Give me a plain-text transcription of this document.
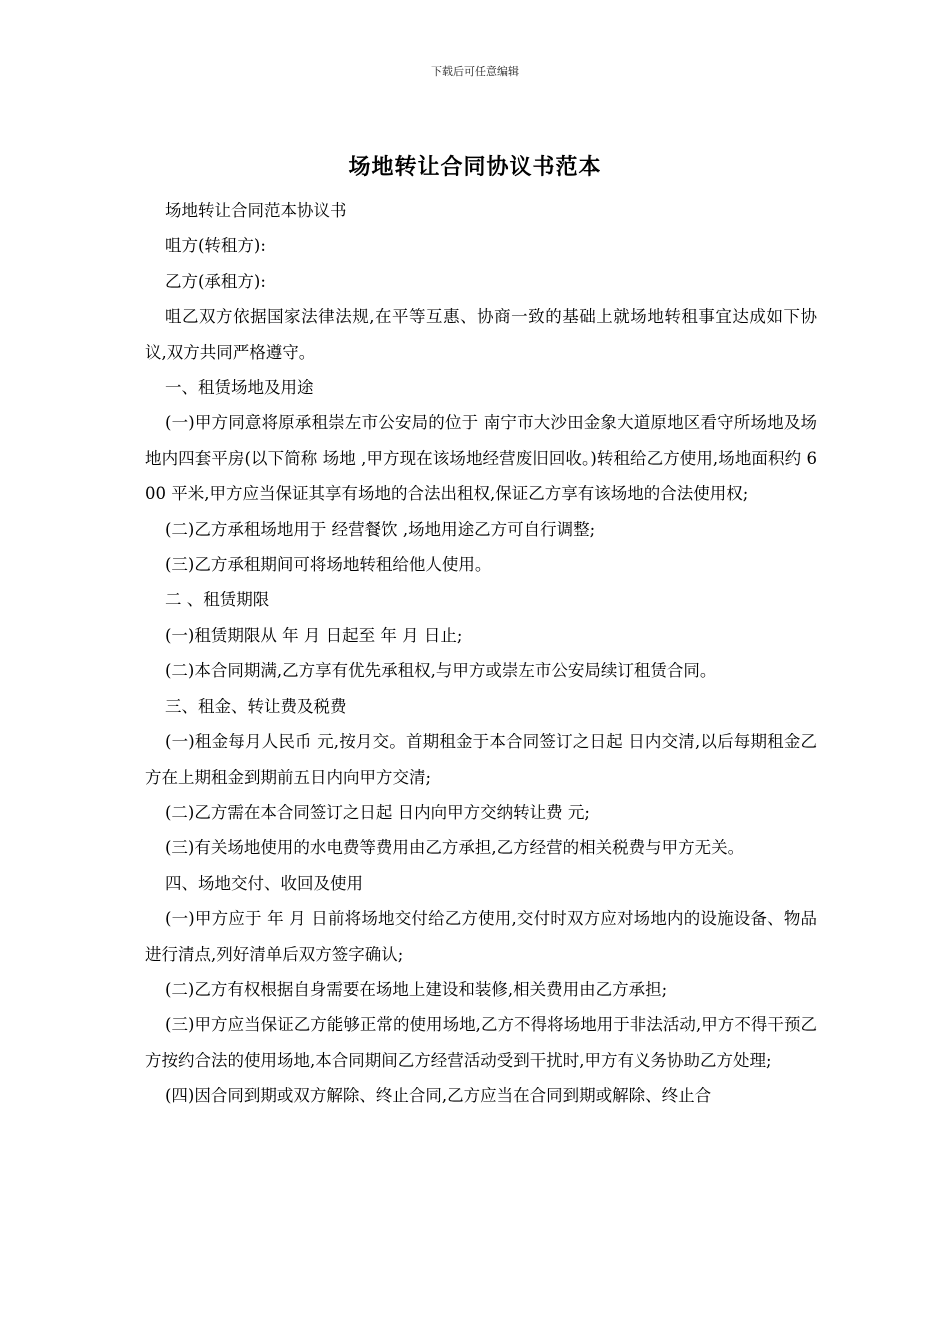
下载后可任意编辑
场地转让合同协议书范本

场地转让合同范本协议书

咀方(转租方):

乙方(承租方):

咀乙双方依据国家法律法规,在平等互惠、协商一致的基础上就场地转租事宜达成如下协议,双方共同严格遵守。

一、租赁场地及用途

(一)甲方同意将原承租崇左市公安局的位于 南宁市大沙田金象大道原地区看守所场地及场地内四套平房(以下简称 场地 ,甲方现在该场地经营废旧回收。)转租给乙方使用,场地面积约 600 平米,甲方应当保证其享有场地的合法出租权,保证乙方享有该场地的合法使用权;

(二)乙方承租场地用于 经营餐饮 ,场地用途乙方可自行调整;

(三)乙方承租期间可将场地转租给他人使用。

二 、租赁期限

(一)租赁期限从 年 月 日起至 年 月 日止;

(二)本合同期满,乙方享有优先承租权,与甲方或崇左市公安局续订租赁合同。

三、租金、转让费及税费

(一)租金每月人民币 元,按月交。首期租金于本合同签订之日起 日内交清,以后每期租金乙方在上期租金到期前五日内向甲方交清;

(二)乙方需在本合同签订之日起 日内向甲方交纳转让费 元;

(三)有关场地使用的水电费等费用由乙方承担,乙方经营的相关税费与甲方无关。

四、场地交付、收回及使用

(一)甲方应于 年 月 日前将场地交付给乙方使用,交付时双方应对场地内的设施设备、物品进行清点,列好清单后双方签字确认;

(二)乙方有权根据自身需要在场地上建设和装修,相关费用由乙方承担;

(三)甲方应当保证乙方能够正常的使用场地,乙方不得将场地用于非法活动,甲方不得干预乙方按约合法的使用场地,本合同期间乙方经营活动受到干扰时,甲方有义务协助乙方处理;

(四)因合同到期或双方解除、终止合同,乙方应当在合同到期或解除、终止合
